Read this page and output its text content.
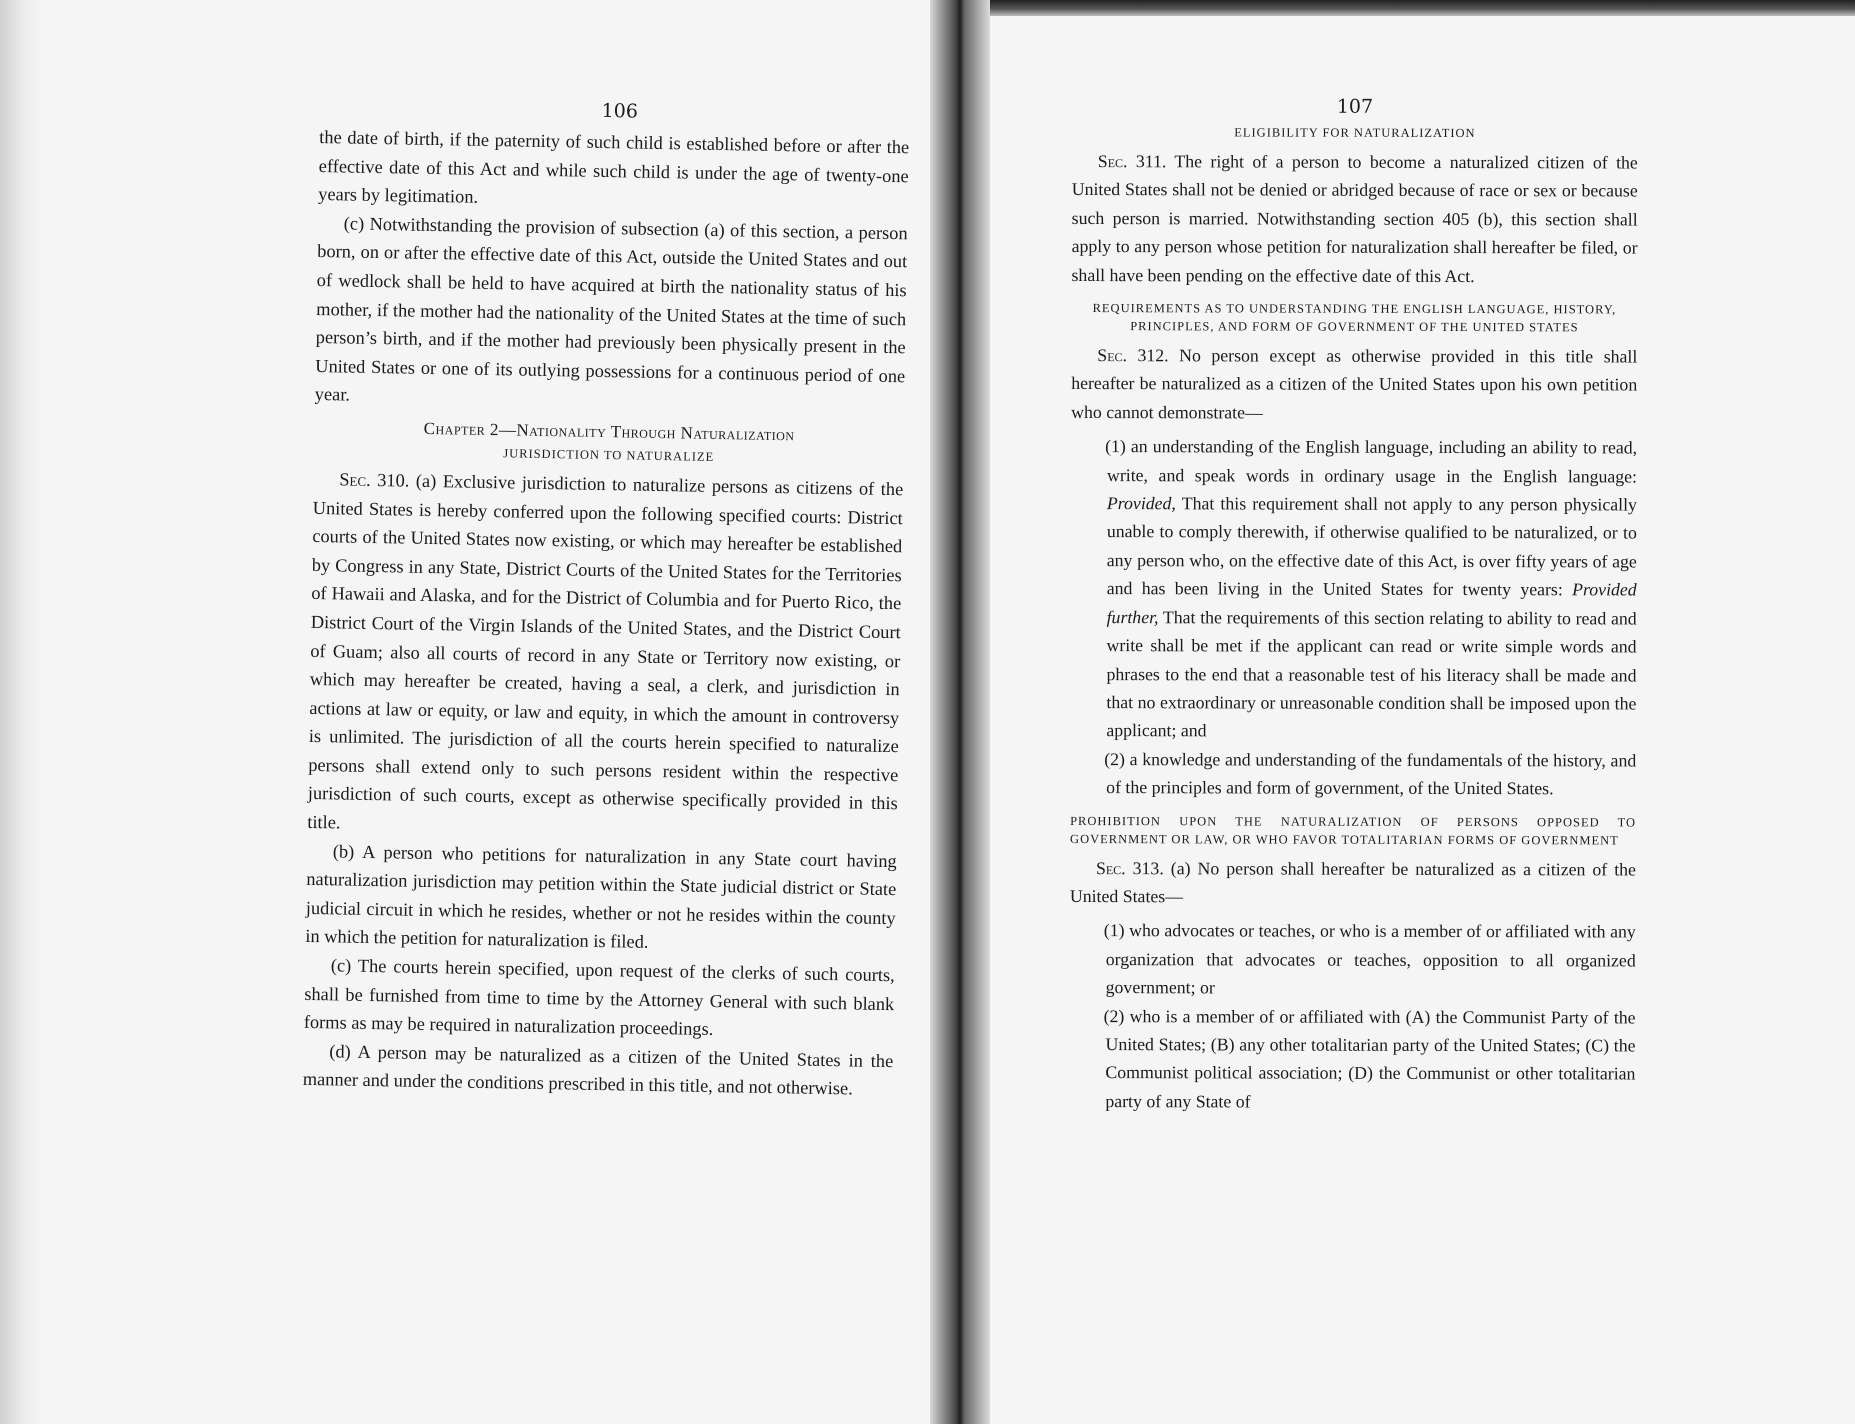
106

the date of birth, if the paternity of such child is established before or after the effective date of this Act and while such child is under the age of twenty-one years by legitimation.

(c) Notwithstanding the provision of subsection (a) of this section, a person born, on or after the effective date of this Act, outside the United States and out of wedlock shall be held to have acquired at birth the nationality status of his mother, if the mother had the nationality of the United States at the time of such person’s birth, and if the mother had previously been physically present in the United States or one of its outlying possessions for a continuous period of one year.

Chapter 2—Nationality Through Naturalization
JURISDICTION TO NATURALIZE

Sec. 310. (a) Exclusive jurisdiction to naturalize persons as citizens of the United States is hereby conferred upon the following specified courts: District courts of the United States now existing, or which may hereafter be established by Congress in any State, District Courts of the United States for the Territories of Hawaii and Alaska, and for the District of Columbia and for Puerto Rico, the District Court of the Virgin Islands of the United States, and the District Court of Guam; also all courts of record in any State or Territory now existing, or which may hereafter be created, having a seal, a clerk, and jurisdiction in actions at law or equity, or law and equity, in which the amount in controversy is unlimited. The jurisdiction of all the courts herein specified to naturalize persons shall extend only to such persons resident within the respective jurisdiction of such courts, except as otherwise specifically provided in this title.

(b) A person who petitions for naturalization in any State court having naturalization jurisdiction may petition within the State judicial district or State judicial circuit in which he resides, whether or not he resides within the county in which the petition for naturalization is filed.

(c) The courts herein specified, upon request of the clerks of such courts, shall be furnished from time to time by the Attorney General with such blank forms as may be required in naturalization proceedings.

(d) A person may be naturalized as a citizen of the United States in the manner and under the conditions prescribed in this title, and not otherwise.

107
ELIGIBILITY FOR NATURALIZATION

Sec. 311. The right of a person to become a naturalized citizen of the United States shall not be denied or abridged because of race or sex or because such person is married. Notwithstanding section 405 (b), this section shall apply to any person whose petition for naturalization shall hereafter be filed, or shall have been pending on the effective date of this Act.

REQUIREMENTS AS TO UNDERSTANDING THE ENGLISH LANGUAGE, HISTORY, PRINCIPLES, AND FORM OF GOVERNMENT OF THE UNITED STATES

Sec. 312. No person except as otherwise provided in this title shall hereafter be naturalized as a citizen of the United States upon his own petition who cannot demonstrate—

(1) an understanding of the English language, including an ability to read, write, and speak words in ordinary usage in the English language: Provided, That this requirement shall not apply to any person physically unable to comply therewith, if otherwise qualified to be naturalized, or to any person who, on the effective date of this Act, is over fifty years of age and has been living in the United States for twenty years: Provided further, That the requirements of this section relating to ability to read and write shall be met if the applicant can read or write simple words and phrases to the end that a reasonable test of his literacy shall be made and that no extraordinary or unreasonable condition shall be imposed upon the applicant; and

(2) a knowledge and understanding of the fundamentals of the history, and of the principles and form of government, of the United States.

PROHIBITION UPON THE NATURALIZATION OF PERSONS OPPOSED TO GOVERNMENT OR LAW, OR WHO FAVOR TOTALITARIAN FORMS OF GOVERNMENT

Sec. 313. (a) No person shall hereafter be naturalized as a citizen of the United States—

(1) who advocates or teaches, or who is a member of or affiliated with any organization that advocates or teaches, opposition to all organized government; or

(2) who is a member of or affiliated with (A) the Communist Party of the United States; (B) any other totalitarian party of the United States; (C) the Communist political association; (D) the Communist or other totalitarian party of any State of
